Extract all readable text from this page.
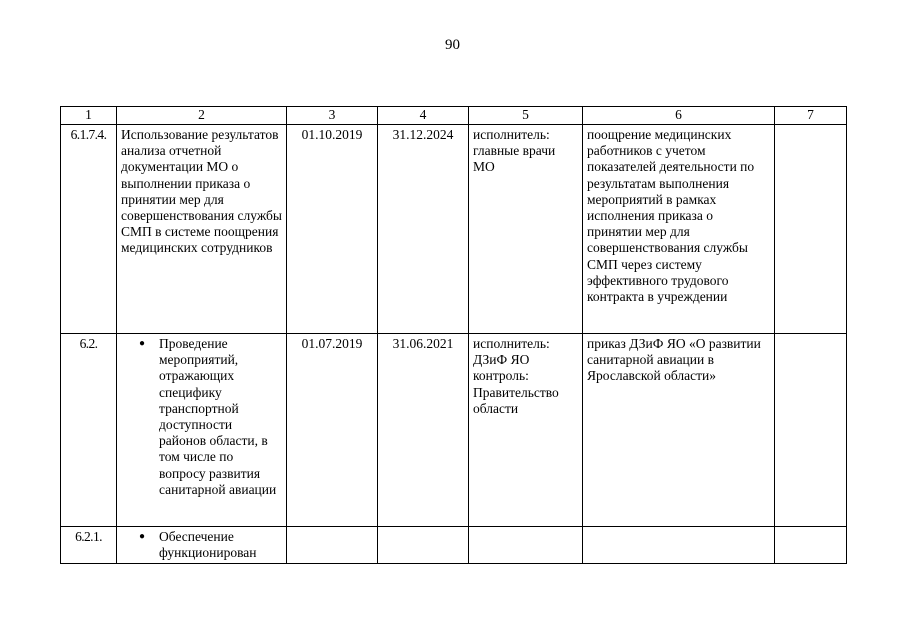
90
1	2	3	4	5	6	7
6.1.7.4.	Использование результатов анализа отчетной документации МО о выполнении приказа о принятии мер для совершенствования службы СМП в системе поощрения медицинских сотрудников	01.10.2019	31.12.2024	исполнитель: главные врачи МО	поощрение медицинских работников с учетом показателей деятельности по результатам выполнения мероприятий в рамках исполнения приказа о принятии мер для совершенствования службы СМП через систему эффективного трудового контракта в учреждении	
6.2.	● Проведение мероприятий, отражающих специфику транспортной доступности районов области, в том числе по вопросу развития санитарной авиации	01.07.2019	31.06.2021	исполнитель: ДЗиФ ЯО контроль: Правительство области	приказ ДЗиФ ЯО «О развитии санитарной авиации в Ярославской области»	
6.2.1.	● Обеспечение функционирован					
